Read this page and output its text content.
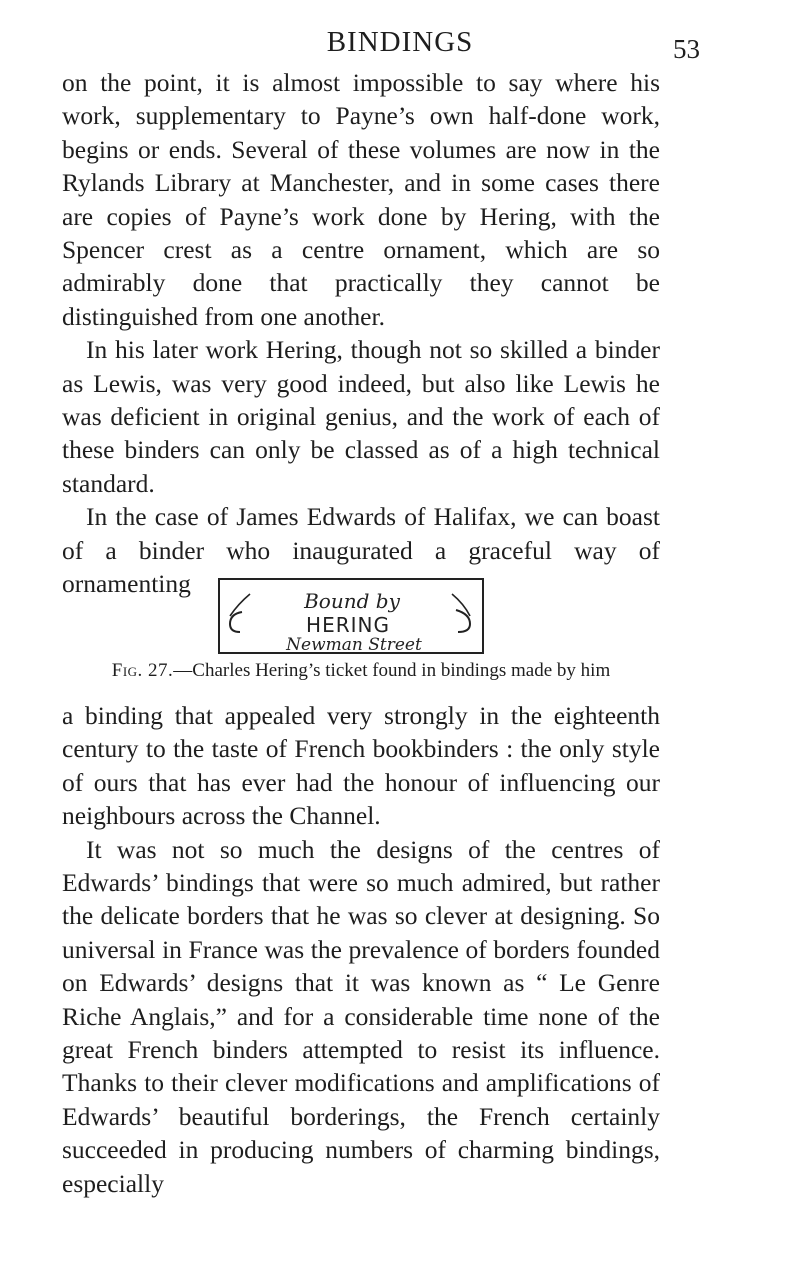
BINDINGS	53

on the point, it is almost impossible to say where his work, supplementary to Payne’s own half-done work, begins or ends. Several of these volumes are now in the Rylands Library at Manchester, and in some cases there are copies of Payne’s work done by Hering, with the Spencer crest as a centre ornament, which are so admirably done that practically they cannot be distinguished from one another.

In his later work Hering, though not so skilled a binder as Lewis, was very good indeed, but also like Lewis he was deficient in original genius, and the work of each of these binders can only be classed as of a high technical standard.

In the case of James Edwards of Halifax, we can boast of a binder who inaugurated a graceful way of ornamenting

Bound by
HERING
Newman Street
Fig. 27.—Charles Hering’s ticket found in bindings made by him

a binding that appealed very strongly in the eighteenth century to the taste of French bookbinders : the only style of ours that has ever had the honour of influencing our neighbours across the Channel.

It was not so much the designs of the centres of Edwards’ bindings that were so much admired, but rather the delicate borders that he was so clever at designing. So universal in France was the prevalence of borders founded on Edwards’ designs that it was known as “ Le Genre Riche Anglais,” and for a considerable time none of the great French binders attempted to resist its influence. Thanks to their clever modifications and amplifications of Edwards’ beautiful borderings, the French certainly succeeded in producing numbers of charming bindings, especially
